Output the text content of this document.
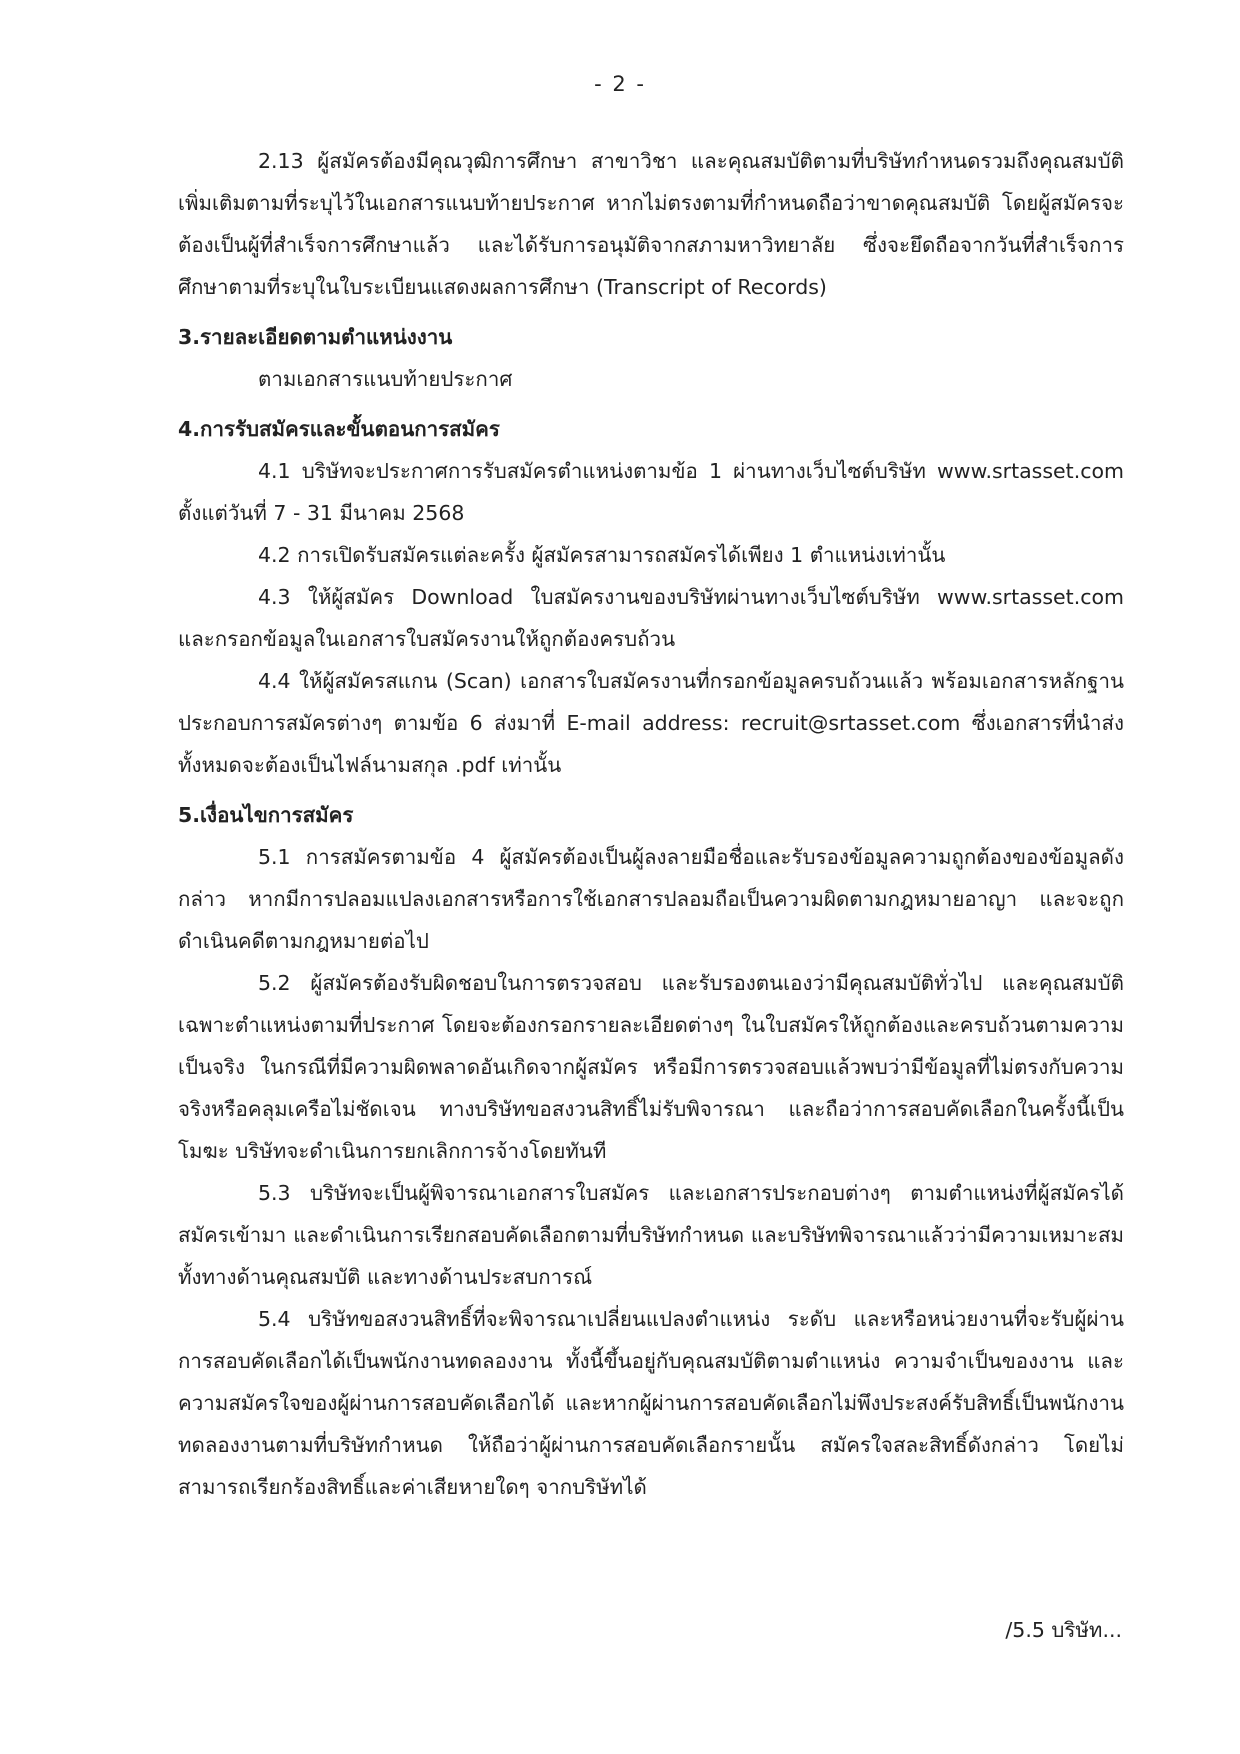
- 2 -

2.13 ผู้สมัครต้องมีคุณวุฒิการศึกษา สาขาวิชา และคุณสมบัติตามที่บริษัทกำหนดรวมถึงคุณสมบัติเพิ่มเติมตามที่ระบุไว้ในเอกสารแนบท้ายประกาศ หากไม่ตรงตามที่กำหนดถือว่าขาดคุณสมบัติ โดยผู้สมัครจะต้องเป็นผู้ที่สำเร็จการศึกษาแล้ว และได้รับการอนุมัติจากสภามหาวิทยาลัย ซึ่งจะยึดถือจากวันที่สำเร็จการศึกษาตามที่ระบุในใบระเบียนแสดงผลการศึกษา (Transcript of Records)

3.รายละเอียดตามตำแหน่งงาน

ตามเอกสารแนบท้ายประกาศ

4.การรับสมัครและขั้นตอนการสมัคร

4.1 บริษัทจะประกาศการรับสมัครตำแหน่งตามข้อ 1 ผ่านทางเว็บไซต์บริษัท www.srtasset.com ตั้งแต่วันที่ 7 - 31 มีนาคม 2568

4.2 การเปิดรับสมัครแต่ละครั้ง ผู้สมัครสามารถสมัครได้เพียง 1 ตำแหน่งเท่านั้น

4.3 ให้ผู้สมัคร Download ใบสมัครงานของบริษัทผ่านทางเว็บไซต์บริษัท www.srtasset.com และกรอกข้อมูลในเอกสารใบสมัครงานให้ถูกต้องครบถ้วน

4.4 ให้ผู้สมัครสแกน (Scan) เอกสารใบสมัครงานที่กรอกข้อมูลครบถ้วนแล้ว พร้อมเอกสารหลักฐานประกอบการสมัครต่างๆ ตามข้อ 6 ส่งมาที่ E-mail address: recruit@srtasset.com ซึ่งเอกสารที่นำส่งทั้งหมดจะต้องเป็นไฟล์นามสกุล .pdf เท่านั้น

5.เงื่อนไขการสมัคร

5.1 การสมัครตามข้อ 4 ผู้สมัครต้องเป็นผู้ลงลายมือชื่อและรับรองข้อมูลความถูกต้องของข้อมูลดังกล่าว หากมีการปลอมแปลงเอกสารหรือการใช้เอกสารปลอมถือเป็นความผิดตามกฎหมายอาญา และจะถูกดำเนินคดีตามกฎหมายต่อไป

5.2 ผู้สมัครต้องรับผิดชอบในการตรวจสอบ และรับรองตนเองว่ามีคุณสมบัติทั่วไป และคุณสมบัติเฉพาะตำแหน่งตามที่ประกาศ โดยจะต้องกรอกรายละเอียดต่างๆ ในใบสมัครให้ถูกต้องและครบถ้วนตามความเป็นจริง ในกรณีที่มีความผิดพลาดอันเกิดจากผู้สมัคร หรือมีการตรวจสอบแล้วพบว่ามีข้อมูลที่ไม่ตรงกับความจริงหรือคลุมเครือไม่ชัดเจน ทางบริษัทขอสงวนสิทธิ์ไม่รับพิจารณา และถือว่าการสอบคัดเลือกในครั้งนี้เป็นโมฆะ บริษัทจะดำเนินการยกเลิกการจ้างโดยทันที

5.3 บริษัทจะเป็นผู้พิจารณาเอกสารใบสมัคร และเอกสารประกอบต่างๆ ตามตำแหน่งที่ผู้สมัครได้สมัครเข้ามา และดำเนินการเรียกสอบคัดเลือกตามที่บริษัทกำหนด และบริษัทพิจารณาแล้วว่ามีความเหมาะสมทั้งทางด้านคุณสมบัติ และทางด้านประสบการณ์

5.4 บริษัทขอสงวนสิทธิ์ที่จะพิจารณาเปลี่ยนแปลงตำแหน่ง ระดับ และหรือหน่วยงานที่จะรับผู้ผ่านการสอบคัดเลือกได้เป็นพนักงานทดลองงาน ทั้งนี้ขึ้นอยู่กับคุณสมบัติตามตำแหน่ง ความจำเป็นของงาน และความสมัครใจของผู้ผ่านการสอบคัดเลือกได้ และหากผู้ผ่านการสอบคัดเลือกไม่พึงประสงค์รับสิทธิ์เป็นพนักงานทดลองงานตามที่บริษัทกำหนด ให้ถือว่าผู้ผ่านการสอบคัดเลือกรายนั้น สมัครใจสละสิทธิ์ดังกล่าว โดยไม่สามารถเรียกร้องสิทธิ์และค่าเสียหายใดๆ จากบริษัทได้

/5.5 บริษัท...
